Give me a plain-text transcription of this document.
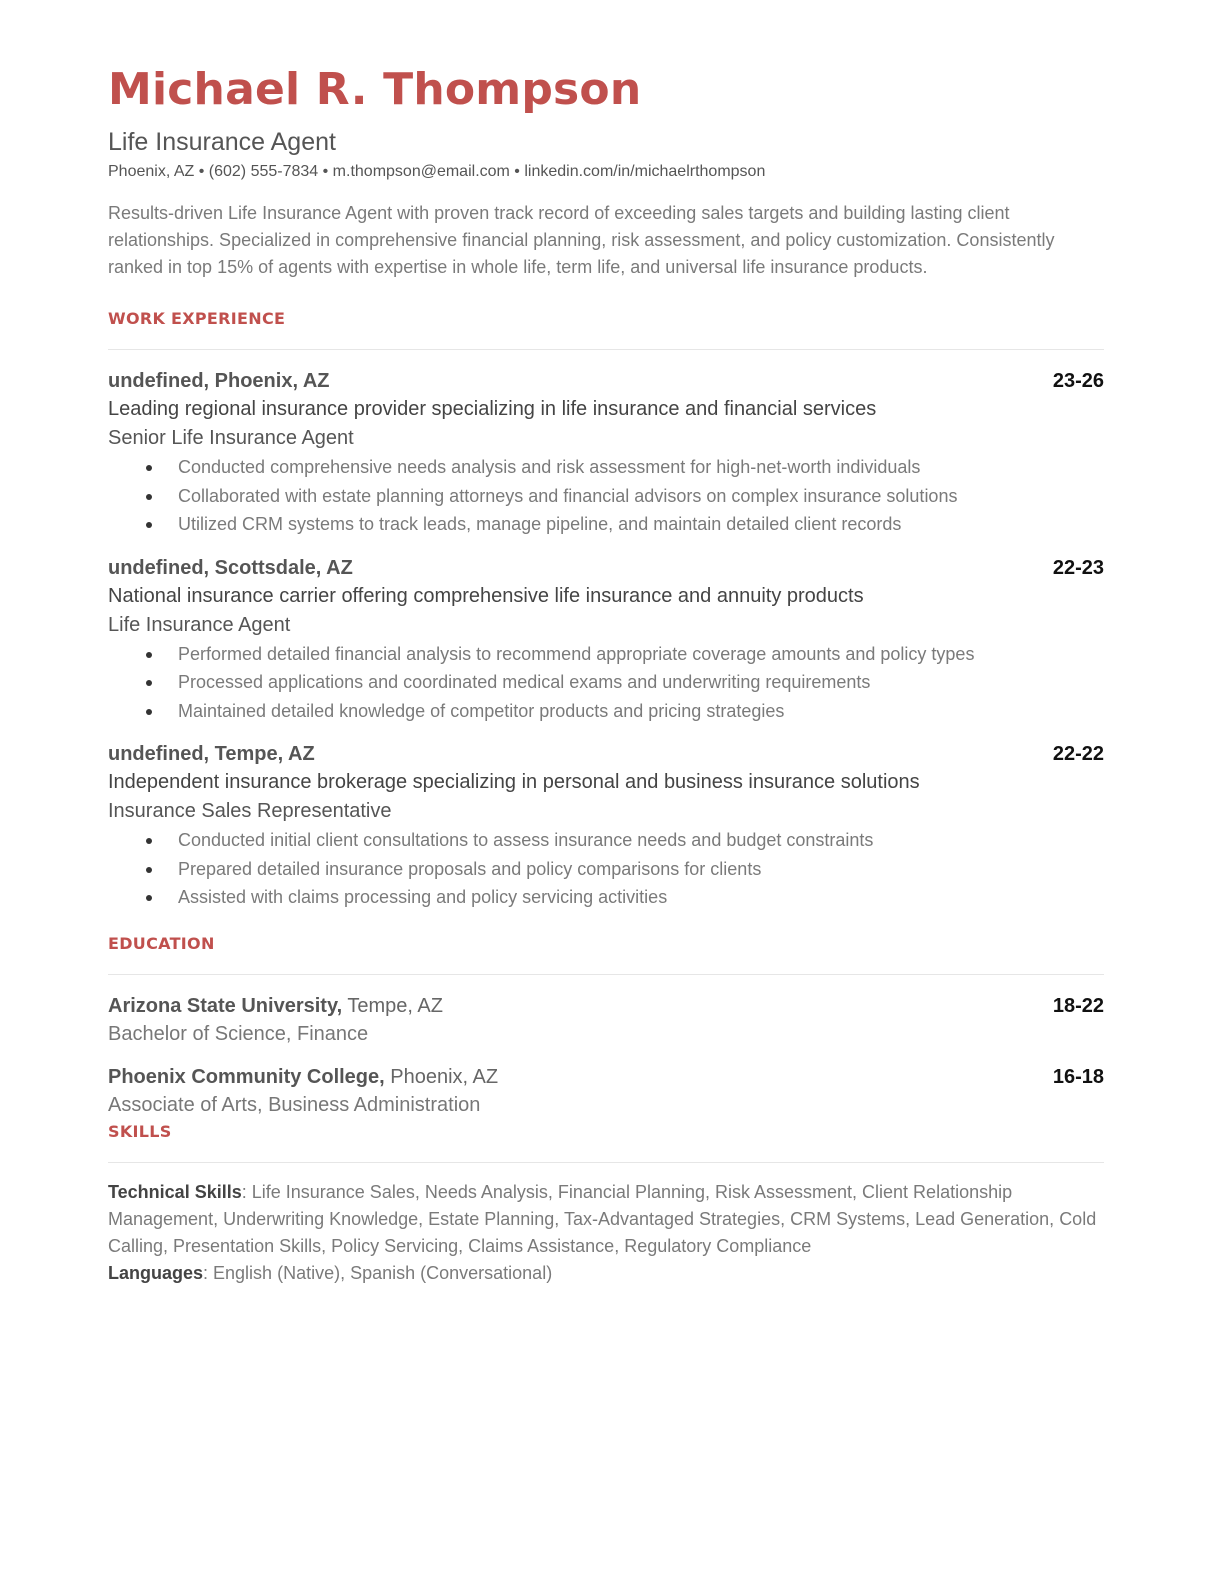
Michael R. Thompson
Life Insurance Agent
Phoenix, AZ • (602) 555-7834 • m.thompson@email.com • linkedin.com/in/michaelrthompson
Results-driven Life Insurance Agent with proven track record of exceeding sales targets and building lasting client relationships. Specialized in comprehensive financial planning, risk assessment, and policy customization. Consistently ranked in top 15% of agents with expertise in whole life, term life, and universal life insurance products.
WORK EXPERIENCE
undefined, Phoenix, AZ	23-26
Leading regional insurance provider specializing in life insurance and financial services
Senior Life Insurance Agent
Conducted comprehensive needs analysis and risk assessment for high-net-worth individuals
Collaborated with estate planning attorneys and financial advisors on complex insurance solutions
Utilized CRM systems to track leads, manage pipeline, and maintain detailed client records
undefined, Scottsdale, AZ	22-23
National insurance carrier offering comprehensive life insurance and annuity products
Life Insurance Agent
Performed detailed financial analysis to recommend appropriate coverage amounts and policy types
Processed applications and coordinated medical exams and underwriting requirements
Maintained detailed knowledge of competitor products and pricing strategies
undefined, Tempe, AZ	22-22
Independent insurance brokerage specializing in personal and business insurance solutions
Insurance Sales Representative
Conducted initial client consultations to assess insurance needs and budget constraints
Prepared detailed insurance proposals and policy comparisons for clients
Assisted with claims processing and policy servicing activities
EDUCATION
Arizona State University, Tempe, AZ	18-22
Bachelor of Science, Finance
Phoenix Community College, Phoenix, AZ	16-18
Associate of Arts, Business Administration
SKILLS
Technical Skills: Life Insurance Sales, Needs Analysis, Financial Planning, Risk Assessment, Client Relationship Management, Underwriting Knowledge, Estate Planning, Tax-Advantaged Strategies, CRM Systems, Lead Generation, Cold Calling, Presentation Skills, Policy Servicing, Claims Assistance, Regulatory Compliance
Languages: English (Native), Spanish (Conversational)
